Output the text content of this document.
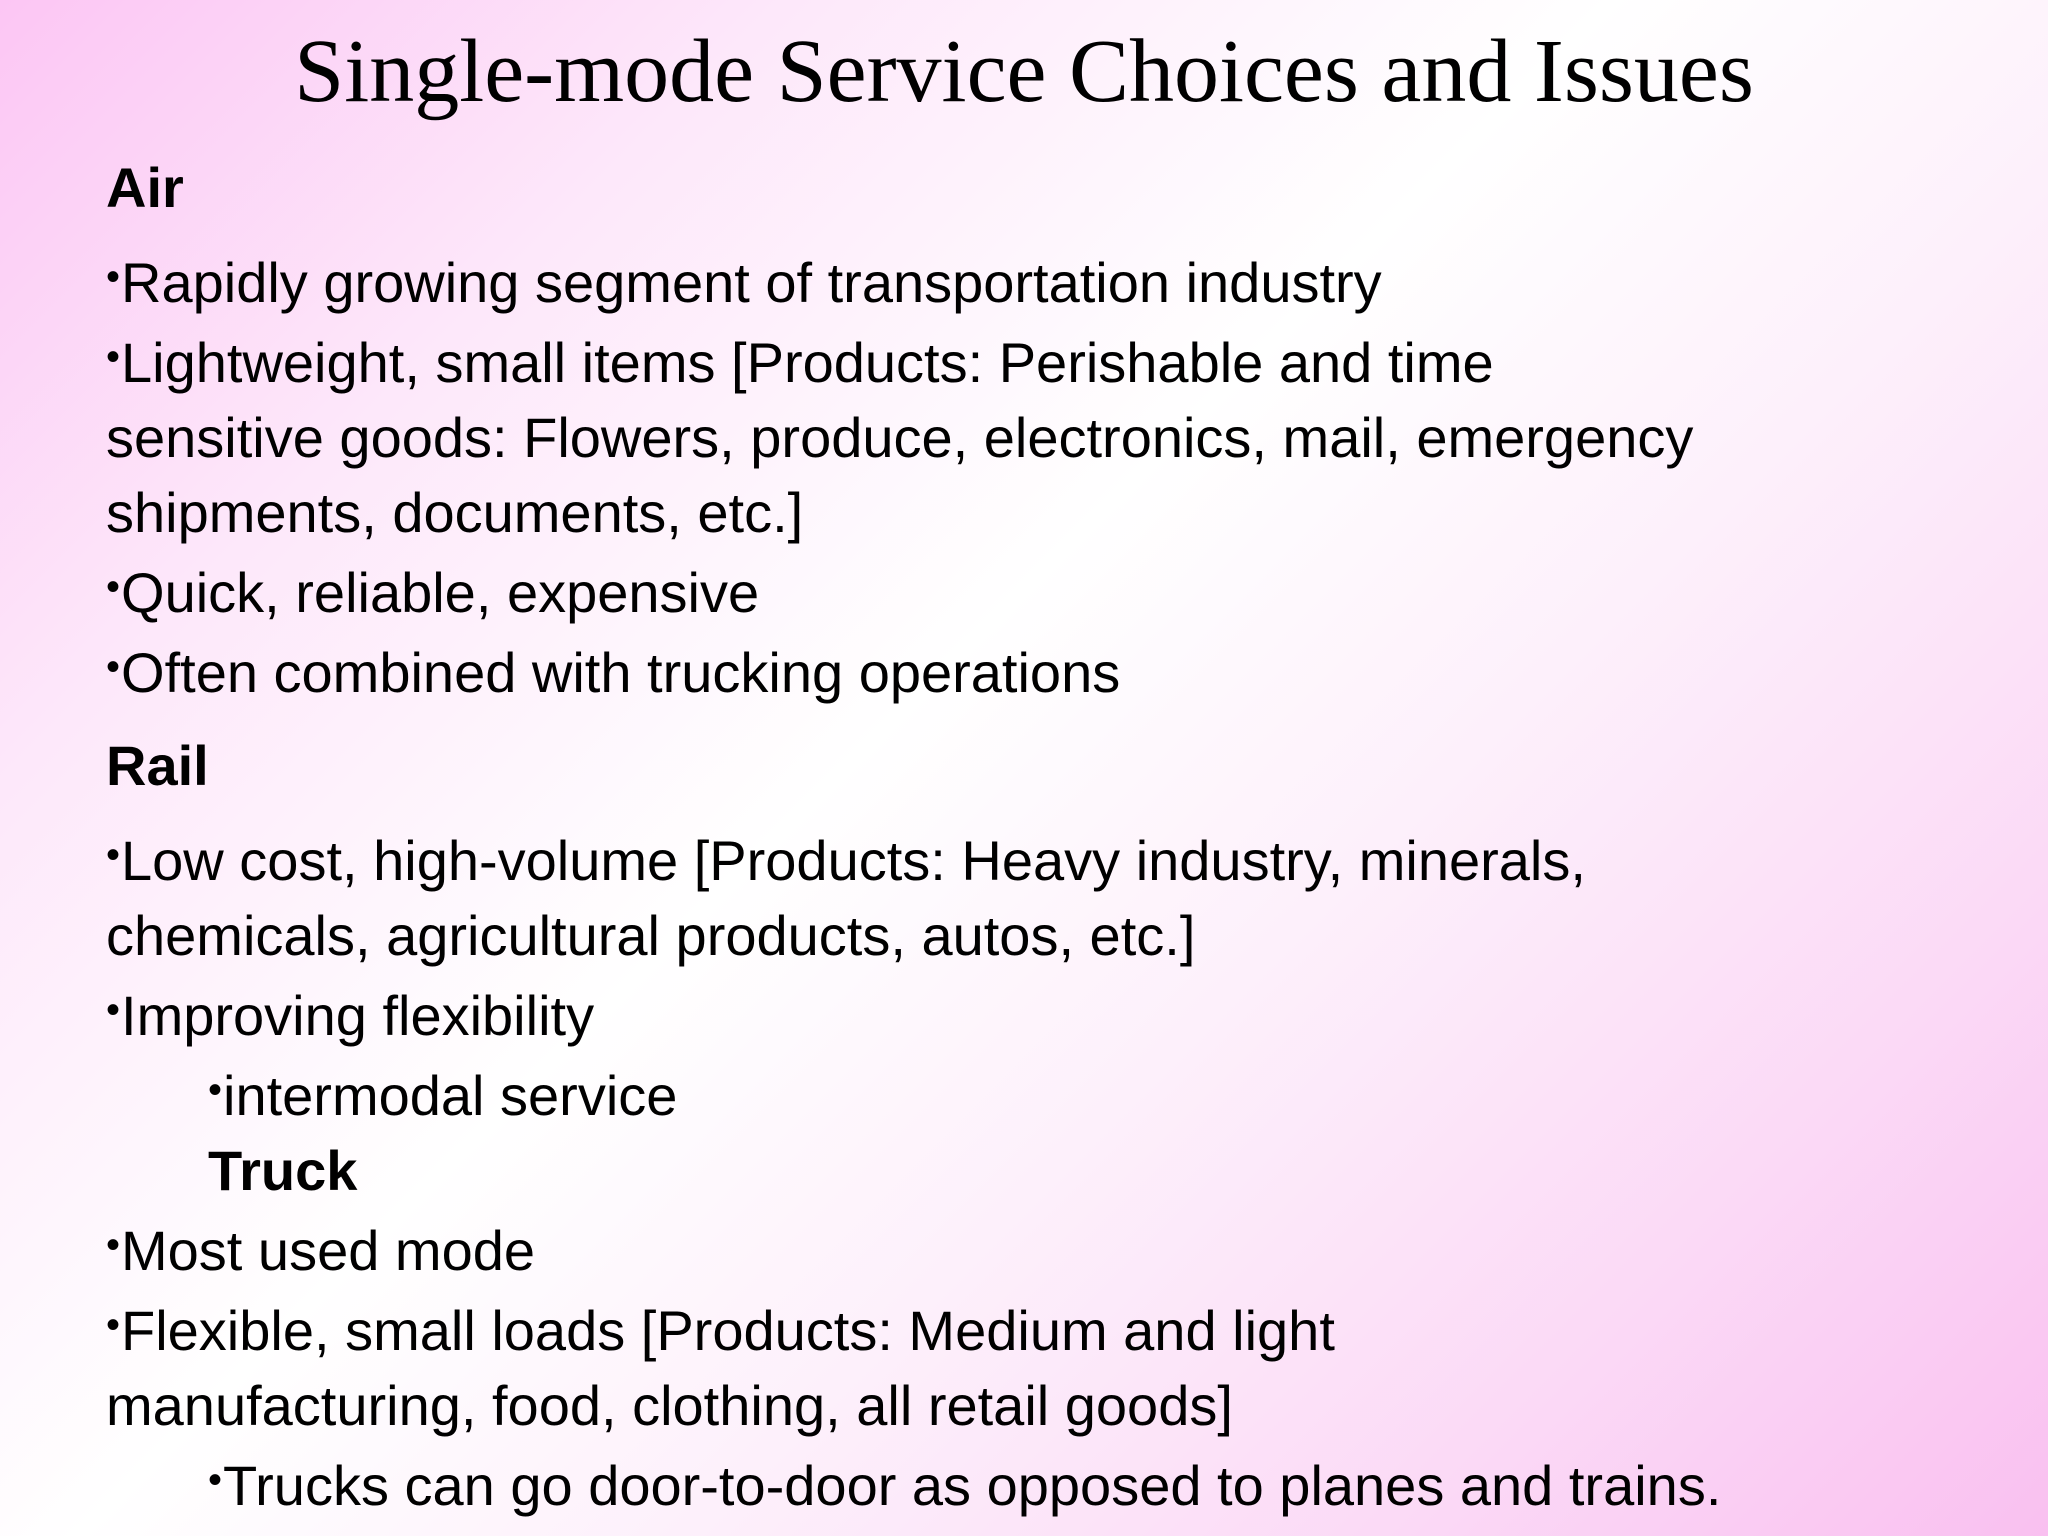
Single-mode Service Choices and Issues
Air
•Rapidly growing segment of transportation industry
•Lightweight, small items [Products: Perishable and time
sensitive goods: Flowers, produce, electronics, mail, emergency
shipments, documents, etc.]
•Quick, reliable, expensive
•Often combined with trucking operations
Rail
•Low cost, high-volume [Products: Heavy industry, minerals,
chemicals, agricultural products, autos, etc.]
•Improving flexibility
•intermodal service
Truck
•Most used mode
•Flexible, small loads [Products: Medium and light
manufacturing, food, clothing, all retail goods]
•Trucks can go door-to-door as opposed to planes and trains.
